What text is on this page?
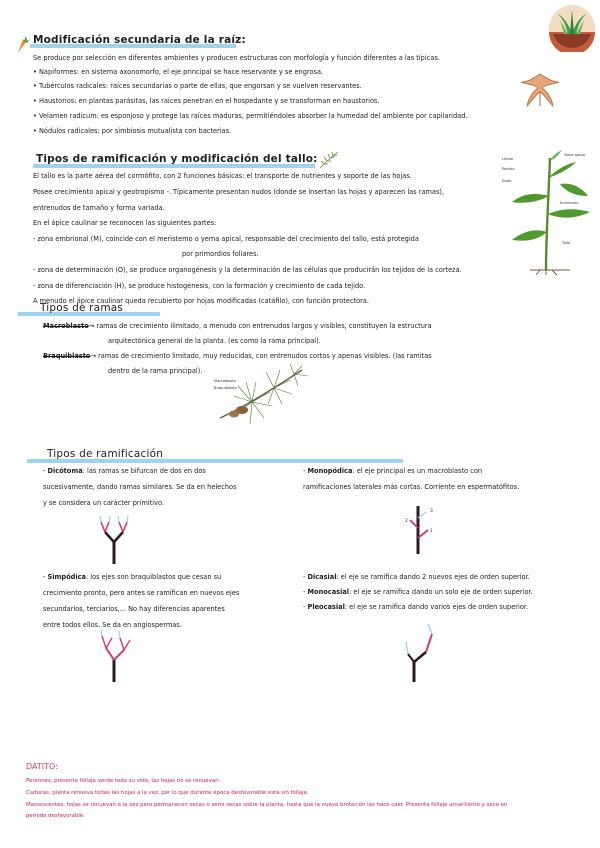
Modificación secundaria de la raíz:
Se produce por selección en diferentes ambientes y producen estructuras con morfología y función diferentes a las típicas.
• Napiformes: en sistema axonomorfo, el eje principal se hace reservante y se engrosa.
• Tubérculos radicales: raíces secundarias o parte de ellas, que engorsan y se vuelven reservantes.
• Haustorios: en plantas parásitas, las raíces penetran en el hospedante y se transforman en haustorios.
• Velamen radicum: es esponjoso y protege las raíces maduras, permitiéndoles absorber la humedad del ambiente por capilaridad.
• Nódulos radicales: por simbiosis mutualista con bacterias.
Tipos de ramificación y modificación del tallo:
El tallo es la parte aérea del cormófito, con 2 funciones básicas: el transporte de nutrientes y soporte de las hojas.
Posee crecimiento apical y geotropismo -. Típicamente presentan nudos (donde se insertan las hojas y aparecen las ramas),
entrenudos de tamaño y forma variada.
En el ápice caulinar se reconocen las siguientes partes:
- zona embrional (M), coincide con el meristemo o yema apical, responsable del crecimiento del tallo, está protegida
por primordios foliares.
- zona de determinación (O), se produce organogénesis y la determinación de las células que producirán los tejidos de la corteza.
- zona de diferenciación (H), se produce histogénesis, con la formación y crecimiento de cada tejido.
A menudo el ápice caulinar queda recubierto por hojas modificadas (catáfilo), con función protectora.
Yema apical
Limbo
Pecíolo
Nudo
Entrenudo
Tallo
Tipos de ramas
Macroblasto→ ramas de crecimiento ilimitado, a menudo con entrenudos largos y visibles, constituyen la estructura
arquitectónica general de la planta. (es como la rama principal).
Braquiblasto→ ramas de crecimiento limitado, muy reducidas, con entrenudos cortos y apenas visibles. (las ramitas
dentro de la rama principal).
Macroblasto
Braquiblasto
Tipos de ramificación
- Dicótoma: las ramas se bifurcan de dos en dos
sucesivamente, dando ramas similares. Se da en helechos
y se considera un carácter primitivo.
- Monopódica: el eje principal es un macroblasto con
ramificaciones laterales más cortas. Corriente en espermatófitos.
3
2
1
- Simpódica: los ejes son braquiblastos que cesan su
crecimiento pronto, pero antes se ramifican en nuevos ejes
secundarios, terciarios,... No hay diferencias aparentes
entre todos ellos. Se da en angiospermas.
- Dicasial: el eje se ramifica dando 2 nuevos ejes de orden superior.
- Monocasial: el eje se ramifica dando un solo eje de orden superior.
- Pleocasial: el eje se ramifica dando varios ejes de orden superior.
DATITO:
Perennes, presenta follaje verde toda su vida, las hojas no se renuevan.
Caducas, planta renueva todas las hojas a la vez, por lo que durante época desfavorable está sin follaje.
Marcescentes, hojas se renuevan a la vez pero permanecen secas o semi secas sobre la planta, hasta que la nueva brotación las hace caer. Presenta follaje amarillento y seco en
período desfavorable.
